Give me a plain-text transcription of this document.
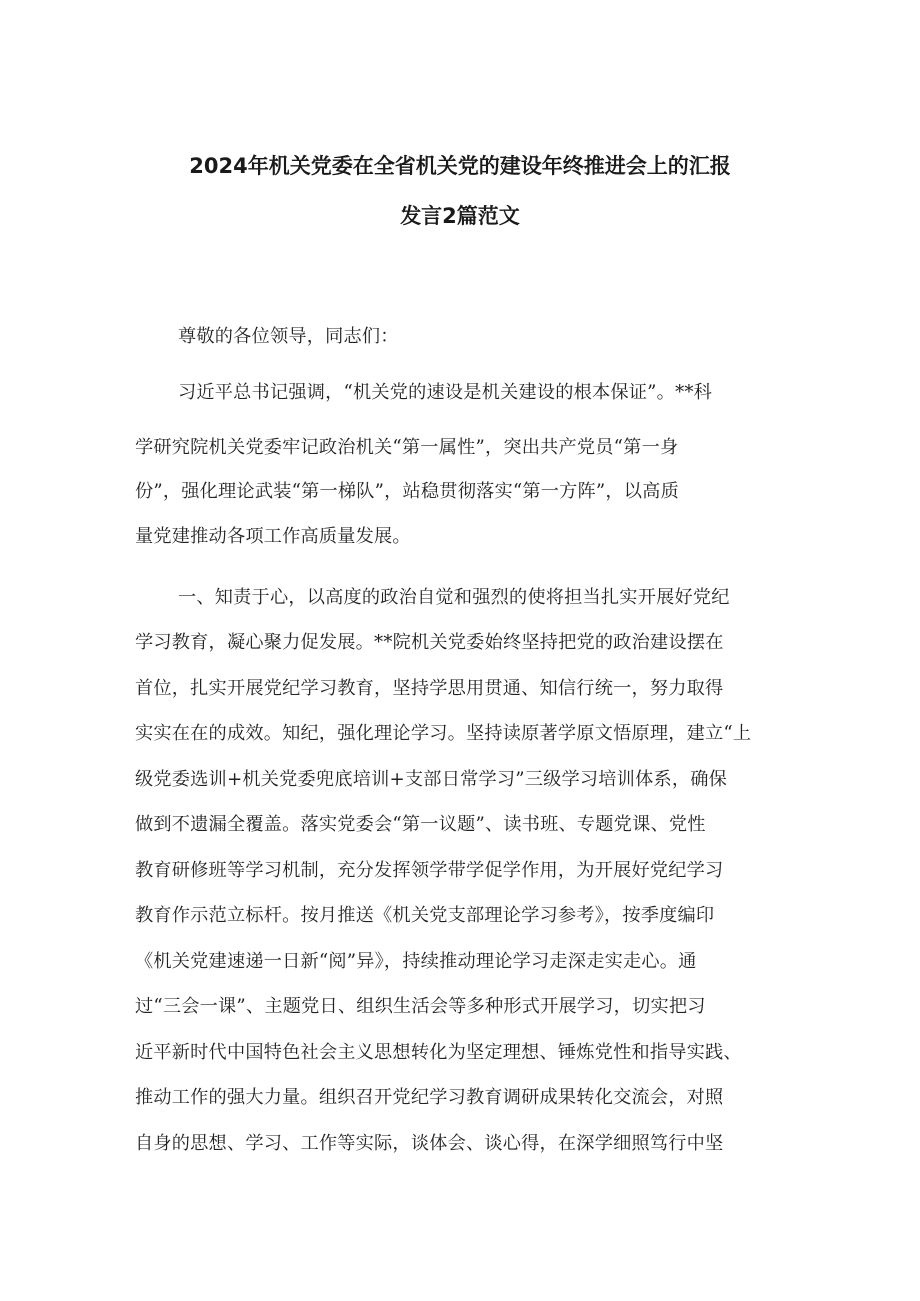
2024年机关党委在全省机关党的建设年终推进会上的汇报
发言2篇范文
尊敬的各位领导，同志们：
习近平总书记强调，“机关党的速设是机关建设的根本保证”。**科
学研究院机关党委牢记政治机关“第一属性”，突出共产党员“第一身
份”，强化理论武装“第一梯队”，站稳贯彻落实“第一方阵”，以高质
量党建推动各项工作高质量发展。
一、知责于心，以高度的政治自觉和强烈的使将担当扎实开展好党纪
学习教育，凝心聚力促发展。**院机关党委始终坚持把党的政治建设摆在
首位，扎实开展党纪学习教育，坚持学思用贯通、知信行统一，努力取得
实实在在的成效。知纪，强化理论学习。坚持读原著学原文悟原理，建立“上
级党委选训+机关党委兜底培训+支部日常学习”三级学习培训体系，确保
做到不遗漏全覆盖。落实党委会“第一议题”、读书班、专题党课、党性
教育研修班等学习机制，充分发挥领学带学促学作用，为开展好党纪学习
教育作示范立标杆。按月推送《机关党支部理论学习参考》，按季度编印
《机关党建速递一日新“阅”异》，持续推动理论学习走深走实走心。通
过“三会一课”、主题党日、组织生活会等多种形式开展学习，切实把习
近平新时代中国特色社会主义思想转化为坚定理想、锤炼党性和指导实践、
推动工作的强大力量。组织召开党纪学习教育调研成果转化交流会，对照
自身的思想、学习、工作等实际，谈体会、谈心得，在深学细照笃行中坚
